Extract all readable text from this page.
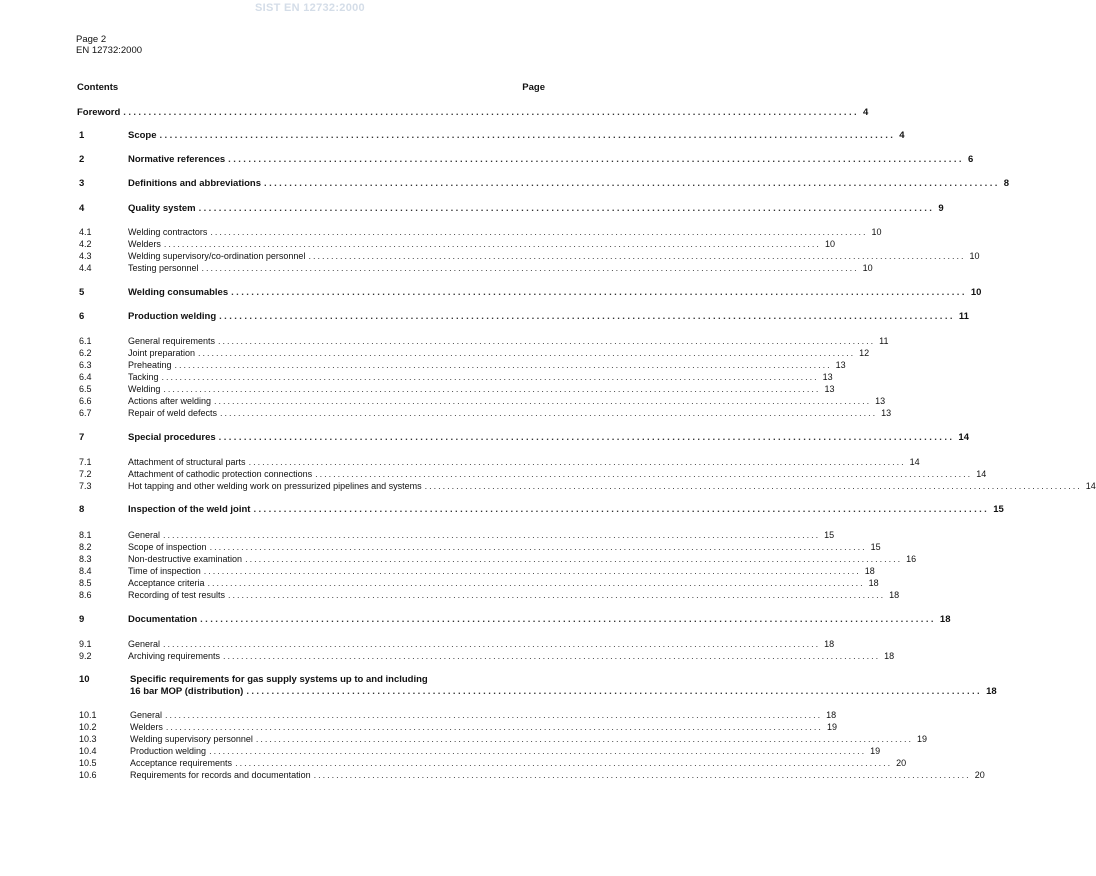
SIST EN 12732:2000
Page 2
EN 12732:2000
Contents	Page
Foreword .................................................................................................................................................. 4
1	Scope .................................................................................................................................................. 4
2	Normative references .................................................................................................................................................. 6
3	Definitions and abbreviations .................................................................................................................................................. 8
4	Quality system .................................................................................................................................................. 9
4.1	Welding contractors .................................................................................................................................................. 10
4.2	Welders .................................................................................................................................................. 10
4.3	Welding supervisory/co-ordination personnel .................................................................................................................................................. 10
4.4	Testing personnel .................................................................................................................................................. 10
5	Welding consumables .................................................................................................................................................. 10
6	Production welding .................................................................................................................................................. 11
6.1	General requirements .................................................................................................................................................. 11
6.2	Joint preparation .................................................................................................................................................. 12
6.3	Preheating .................................................................................................................................................. 13
6.4	Tacking .................................................................................................................................................. 13
6.5	Welding .................................................................................................................................................. 13
6.6	Actions after welding .................................................................................................................................................. 13
6.7	Repair of weld defects .................................................................................................................................................. 13
7	Special procedures .................................................................................................................................................. 14
7.1	Attachment of structural parts .................................................................................................................................................. 14
7.2	Attachment of cathodic protection connections .................................................................................................................................................. 14
7.3	Hot tapping and other welding work on pressurized pipelines and systems .................................................................................................................................................. 14
8	Inspection of the weld joint .................................................................................................................................................. 15
8.1	General .................................................................................................................................................. 15
8.2	Scope of inspection .................................................................................................................................................. 15
8.3	Non-destructive examination .................................................................................................................................................. 16
8.4	Time of inspection .................................................................................................................................................. 18
8.5	Acceptance criteria .................................................................................................................................................. 18
8.6	Recording of test results .................................................................................................................................................. 18
9	Documentation .................................................................................................................................................. 18
9.1	General .................................................................................................................................................. 18
9.2	Archiving requirements .................................................................................................................................................. 18
10	Specific requirements for gas supply systems up to and including
16 bar MOP (distribution) .................................................................................................................................................. 18
10.1	General .................................................................................................................................................. 18
10.2	Welders .................................................................................................................................................. 19
10.3	Welding supervisory personnel .................................................................................................................................................. 19
10.4	Production welding .................................................................................................................................................. 19
10.5	Acceptance requirements .................................................................................................................................................. 20
10.6	Requirements for records and documentation .................................................................................................................................................. 20
